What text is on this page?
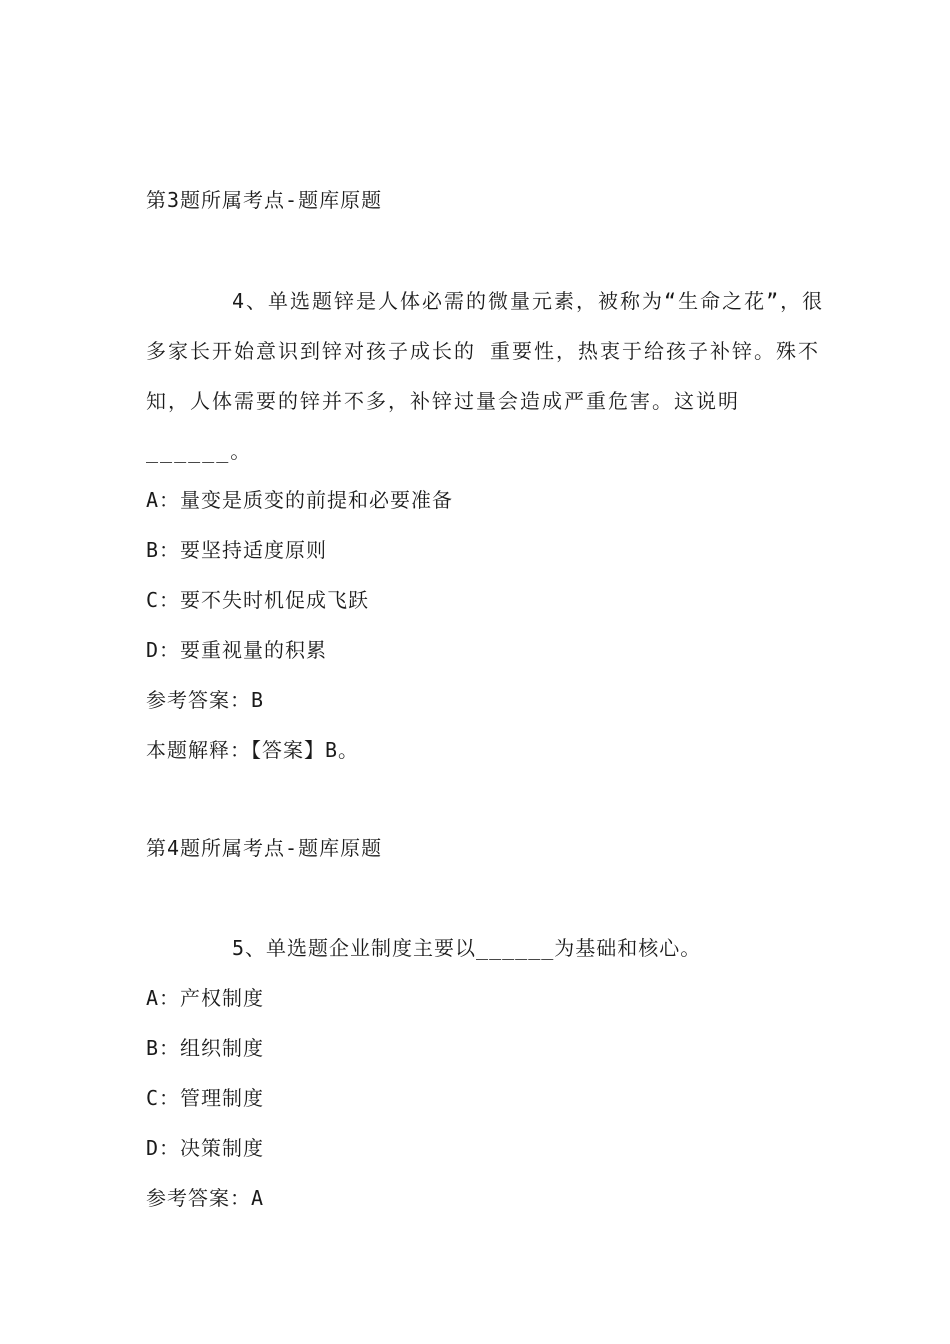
第3题所属考点-题库原题
4、单选题锌是人体必需的微量元素，被称为“生命之花”，很多家长开始意识到锌对孩子成长的 重要性，热衷于给孩子补锌。殊不知，人体需要的锌并不多，补锌过量会造成严重危害。这说明______。
A：量变是质变的前提和必要准备
B：要坚持适度原则
C：要不失时机促成飞跃
D：要重视量的积累
参考答案：B
本题解释：【答案】B。
第4题所属考点-题库原题
5、单选题企业制度主要以______为基础和核心。
A：产权制度
B：组织制度
C：管理制度
D：决策制度
参考答案：A
